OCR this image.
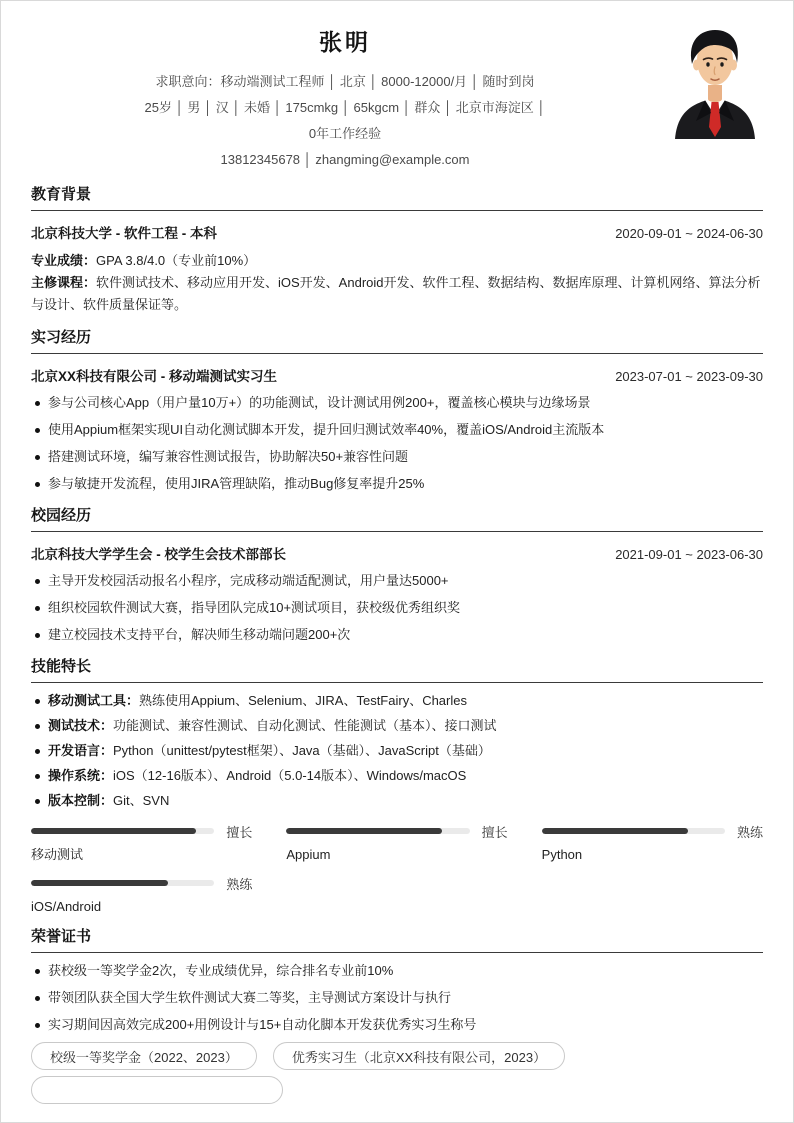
张明
求职意向：移动端测试工程师 │ 北京 │ 8000-12000/月 │ 随时到岗
25岁 │ 男 │ 汉 │ 未婚 │ 175cmkg │ 65kgcm │ 群众 │ 北京市海淀区 │
0年工作经验
13812345678 │ zhangming@example.com
教育背景
北京科技大学 - 软件工程 - 本科	2020-09-01 ~ 2024-06-30
专业成绩：GPA 3.8/4.0（专业前10%）
主修课程：软件测试技术、移动应用开发、iOS开发、Android开发、软件工程、数据结构、数据库原理、计算机网络、算法分析与设计、软件质量保证等。
实习经历
北京XX科技有限公司 - 移动端测试实习生	2023-07-01 ~ 2023-09-30
参与公司核心App（用户量10万+）的功能测试，设计测试用例200+，覆盖核心模块与边缘场景
使用Appium框架实现UI自动化测试脚本开发，提升回归测试效率40%，覆盖iOS/Android主流版本
搭建测试环境，编写兼容性测试报告，协助解决50+兼容性问题
参与敏捷开发流程，使用JIRA管理缺陷，推动Bug修复率提升25%
校园经历
北京科技大学学生会 - 校学生会技术部部长	2021-09-01 ~ 2023-06-30
主导开发校园活动报名小程序，完成移动端适配测试，用户量达5000+
组织校园软件测试大赛，指导团队完成10+测试项目，获校级优秀组织奖
建立校园技术支持平台，解决师生移动端问题200+次
技能特长
移动测试工具：熟练使用Appium、Selenium、JIRA、TestFairy、Charles
测试技术：功能测试、兼容性测试、自动化测试、性能测试（基本）、接口测试
开发语言：Python（unittest/pytest框架）、Java（基础）、JavaScript（基础）
操作系统：iOS（12-16版本）、Android（5.0-14版本）、Windows/macOS
版本控制：Git、SVN
擅长
移动测试
擅长
Appium
熟练
Python
熟练
iOS/Android
荣誉证书
获校级一等奖学金2次，专业成绩优异，综合排名专业前10%
带领团队获全国大学生软件测试大赛二等奖，主导测试方案设计与执行
实习期间因高效完成200+用例设计与15+自动化脚本开发获优秀实习生称号
校级一等奖学金（2022、2023）	优秀实习生（北京XX科技有限公司，2023）
